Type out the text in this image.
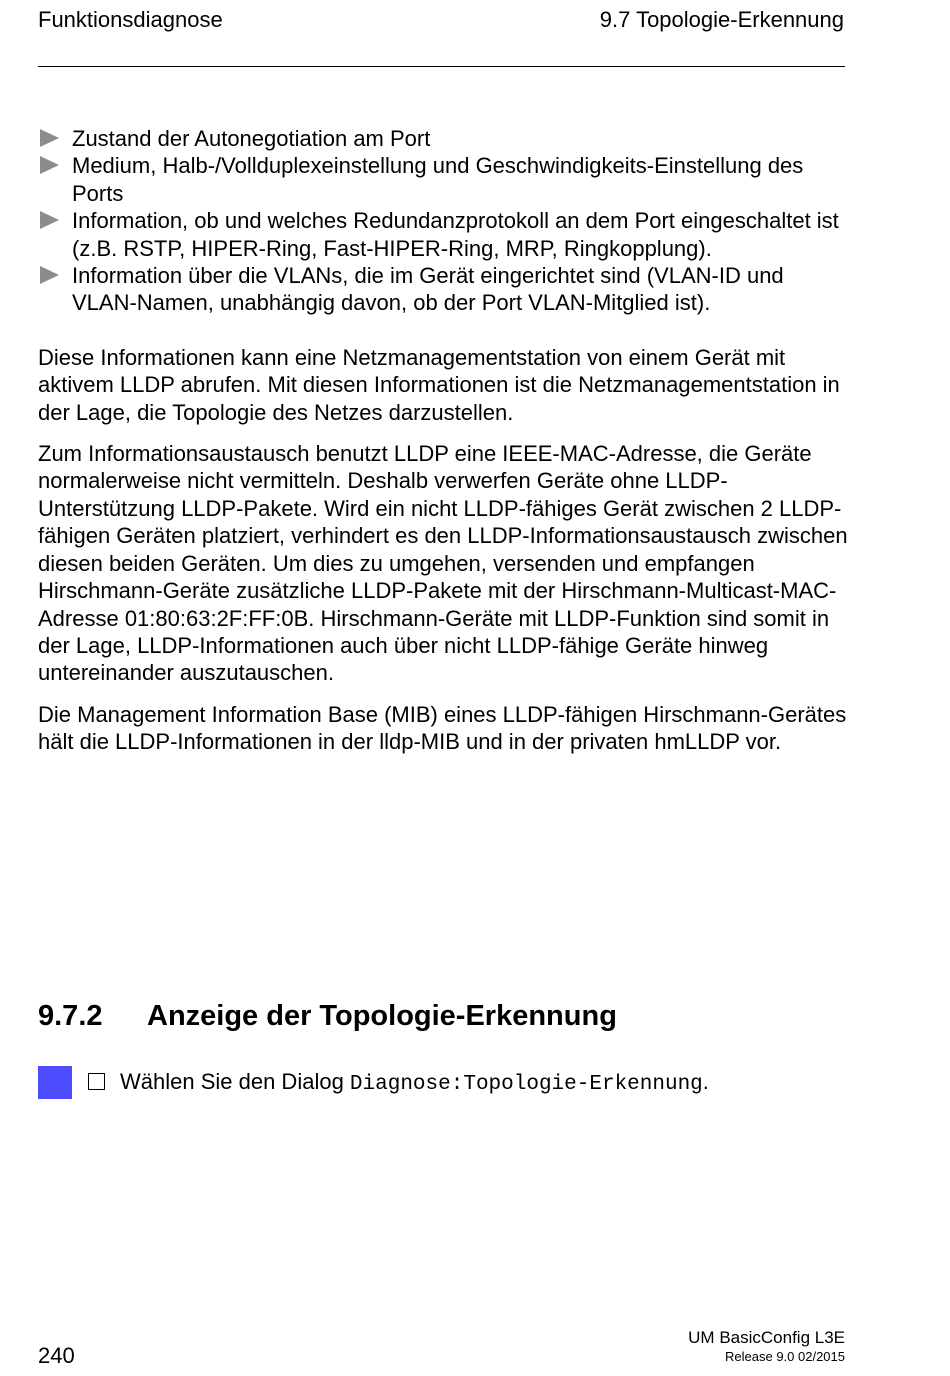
Funktionsdiagnose	9.7 Topologie-Erkennung
Zustand der Autonegotiation am Port
Medium, Halb-/Vollduplexeinstellung und Geschwindigkeits-Einstellung des Ports
Information, ob und welches Redundanzprotokoll an dem Port eingeschaltet ist (z.B. RSTP, HIPER-Ring, Fast-HIPER-Ring, MRP, Ringkopplung).
Information über die VLANs, die im Gerät eingerichtet sind (VLAN-ID und VLAN-Namen, unabhängig davon, ob der Port VLAN-Mitglied ist).

Diese Informationen kann eine Netzmanagementstation von einem Gerät mit aktivem LLDP abrufen. Mit diesen Informationen ist die Netzmanagementstation in der Lage, die Topologie des Netzes darzustellen.

Zum Informationsaustausch benutzt LLDP eine IEEE-MAC-Adresse, die Geräte normalerweise nicht vermitteln. Deshalb verwerfen Geräte ohne LLDP-Unterstützung LLDP-Pakete. Wird ein nicht LLDP-fähiges Gerät zwischen 2 LLDP-fähigen Geräten platziert, verhindert es den LLDP-Informationsaustausch zwischen diesen beiden Geräten. Um dies zu umgehen, versenden und empfangen Hirschmann-Geräte zusätzliche LLDP-Pakete mit der Hirschmann-Multicast-MAC-Adresse 01:80:63:2F:FF:0B. Hirschmann-Geräte mit LLDP-Funktion sind somit in der Lage, LLDP-Informationen auch über nicht LLDP-fähige Geräte hinweg untereinander auszutauschen.

Die Management Information Base (MIB) eines LLDP-fähigen Hirschmann-Gerätes hält die LLDP-Informationen in der lldp-MIB und in der privaten hmLLDP vor.

9.7.2 Anzeige der Topologie-Erkennung
Wählen Sie den Dialog Diagnose:Topologie-Erkennung.
240
UM BasicConfig L3E
Release 9.0 02/2015
